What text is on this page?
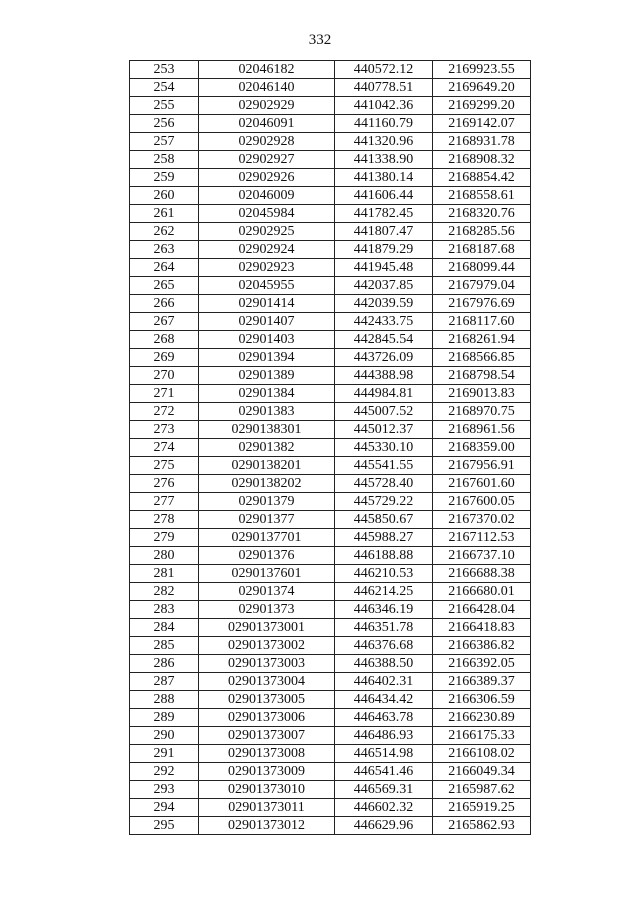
332
253	02046182	440572.12	2169923.55
254	02046140	440778.51	2169649.20
255	02902929	441042.36	2169299.20
256	02046091	441160.79	2169142.07
257	02902928	441320.96	2168931.78
258	02902927	441338.90	2168908.32
259	02902926	441380.14	2168854.42
260	02046009	441606.44	2168558.61
261	02045984	441782.45	2168320.76
262	02902925	441807.47	2168285.56
263	02902924	441879.29	2168187.68
264	02902923	441945.48	2168099.44
265	02045955	442037.85	2167979.04
266	02901414	442039.59	2167976.69
267	02901407	442433.75	2168117.60
268	02901403	442845.54	2168261.94
269	02901394	443726.09	2168566.85
270	02901389	444388.98	2168798.54
271	02901384	444984.81	2169013.83
272	02901383	445007.52	2168970.75
273	0290138301	445012.37	2168961.56
274	02901382	445330.10	2168359.00
275	0290138201	445541.55	2167956.91
276	0290138202	445728.40	2167601.60
277	02901379	445729.22	2167600.05
278	02901377	445850.67	2167370.02
279	0290137701	445988.27	2167112.53
280	02901376	446188.88	2166737.10
281	0290137601	446210.53	2166688.38
282	02901374	446214.25	2166680.01
283	02901373	446346.19	2166428.04
284	02901373001	446351.78	2166418.83
285	02901373002	446376.68	2166386.82
286	02901373003	446388.50	2166392.05
287	02901373004	446402.31	2166389.37
288	02901373005	446434.42	2166306.59
289	02901373006	446463.78	2166230.89
290	02901373007	446486.93	2166175.33
291	02901373008	446514.98	2166108.02
292	02901373009	446541.46	2166049.34
293	02901373010	446569.31	2165987.62
294	02901373011	446602.32	2165919.25
295	02901373012	446629.96	2165862.93
